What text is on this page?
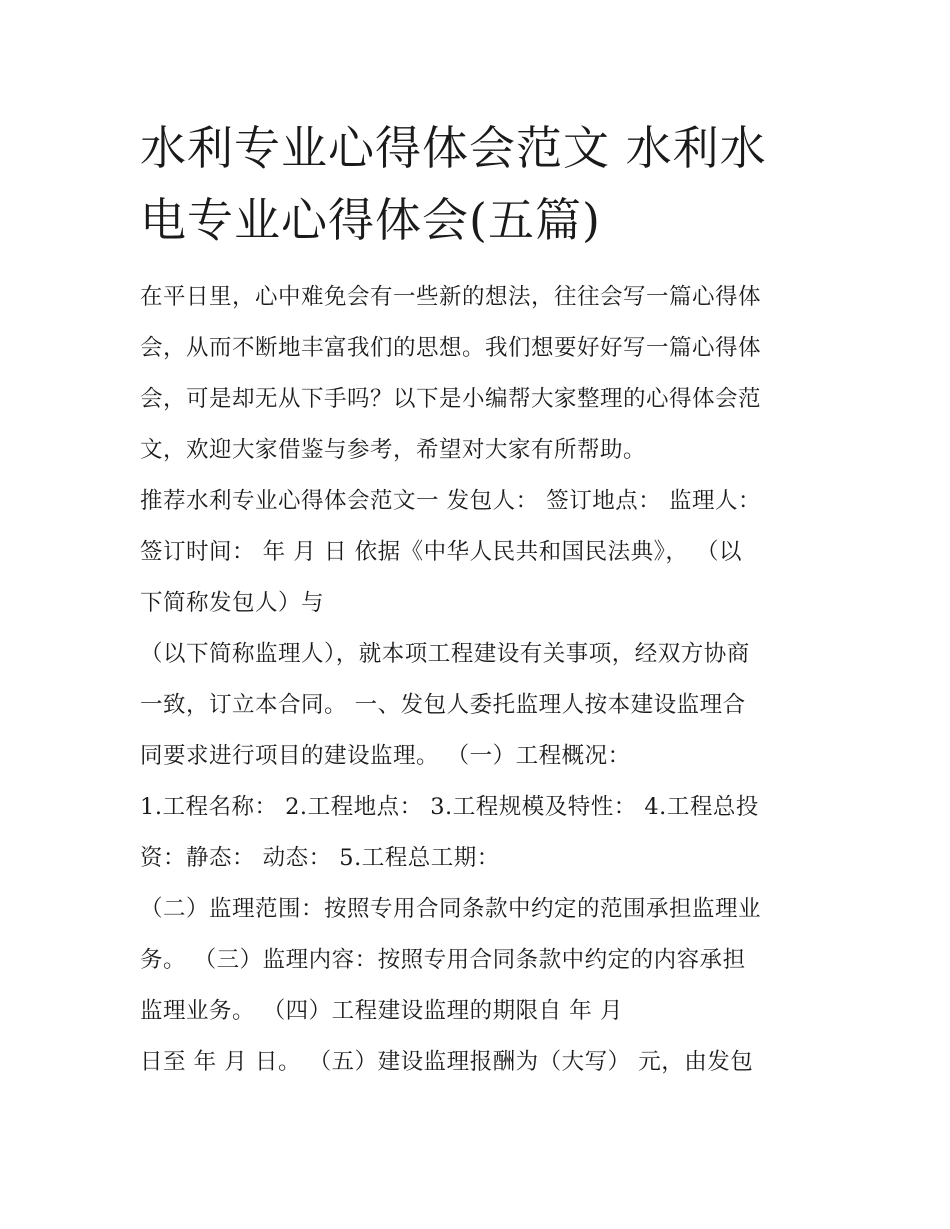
水利专业心得体会范文 水利水
电专业心得体会(五篇)
在平日里，心中难免会有一些新的想法，往往会写一篇心得体
会，从而不断地丰富我们的思想。我们想要好好写一篇心得体
会，可是却无从下手吗？以下是小编帮大家整理的心得体会范
文，欢迎大家借鉴与参考，希望对大家有所帮助。
推荐水利专业心得体会范文一 发包人： 签订地点： 监理人：
签订时间： 年 月 日 依据《中华人民共和国民法典》， （以
下简称发包人）与
（以下简称监理人），就本项工程建设有关事项，经双方协商
一致，订立本合同。 一、发包人委托监理人按本建设监理合
同要求进行项目的建设监理。 （一）工程概况：
1.工程名称： 2.工程地点： 3.工程规模及特性： 4.工程总投
资：静态： 动态： 5.工程总工期：
（二）监理范围：按照专用合同条款中约定的范围承担监理业
务。 （三）监理内容：按照专用合同条款中约定的内容承担
监理业务。 （四）工程建设监理的期限自 年 月
日至 年 月 日。 （五）建设监理报酬为（大写） 元，由发包
